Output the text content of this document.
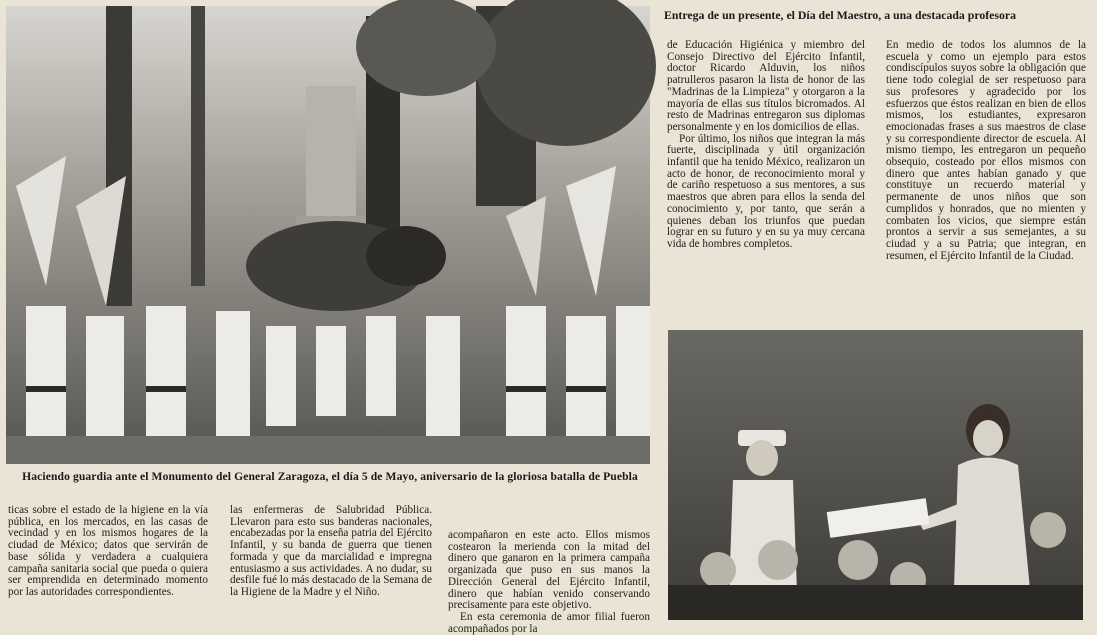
Entrega de un presente, el Día del Maestro, a una destacada profesora

de Educación Higiénica y miembro del Consejo Directivo del Ejército Infantil, doctor Ricardo Alduvin, los niños patrulleros pasaron la lista de honor de las "Madrinas de la Limpieza" y otorgaron a la mayoría de ellas sus títulos bicromados. Al resto de Madrinas entregaron sus diplomas personalmente y en los domicilios de ellas.

Por último, los niños que integran la más fuerte, disciplinada y útil organización infantil que ha tenido México, realizaron un acto de honor, de reconocimiento moral y de cariño respetuoso a sus mentores, a sus maestros que abren para ellos la senda del conocimiento y, por tanto, que serán a quienes deban los triunfos que puedan lograr en su futuro y en su ya muy cercana vida de hombres completos.

En medio de todos los alumnos de la escuela y como un ejemplo para estos condiscípulos suyos sobre la obligación que tiene todo colegial de ser respetuoso para sus profesores y agradecido por los esfuerzos que éstos realizan en bien de ellos mismos, los estudiantes, expresaron emocionadas frases a sus maestros de clase y su correspondiente director de escuela. Al mismo tiempo, les entregaron un pequeño obsequio, costeado por ellos mismos con dinero que antes habían ganado y que constituye un recuerdo material y permanente de unos niños que son cumplidos y honrados, que no mienten y combaten los vicios, que siempre están prontos a servir a sus semejantes, a su ciudad y a su Patria; que integran, en resumen, el Ejército Infantil de la Ciudad.

Haciendo guardia ante el Monumento del General Zaragoza, el día 5 de Mayo, aniversario de la gloriosa batalla de Puebla

ticas sobre el estado de la higiene en la vía pública, en los mercados, en las casas de vecindad y en los mismos hogares de la ciudad de México; datos que servirán de base sólida y verdadera a cualquiera campaña sanitaria social que pueda o quiera ser emprendida en determinado momento por las autoridades correspondientes.

las enfermeras de Salubridad Pública. Llevaron para esto sus banderas nacionales, encabezadas por la enseña patria del Ejército Infantil, y su banda de guerra que tienen formada y que da marcialidad e impregna entusiasmo a sus actividades. A no dudar, su desfile fué lo más destacado de la Semana de la Higiene de la Madre y el Niño.

acompañaron en este acto. Ellos mismos costearon la merienda con la mitad del dinero que ganaron en la primera campaña organizada que puso en sus manos la Dirección General del Ejército Infantil, dinero que habían venido conservando precisamente para este objetivo.

En esta ceremonia de amor filial fueron acompañados por la
